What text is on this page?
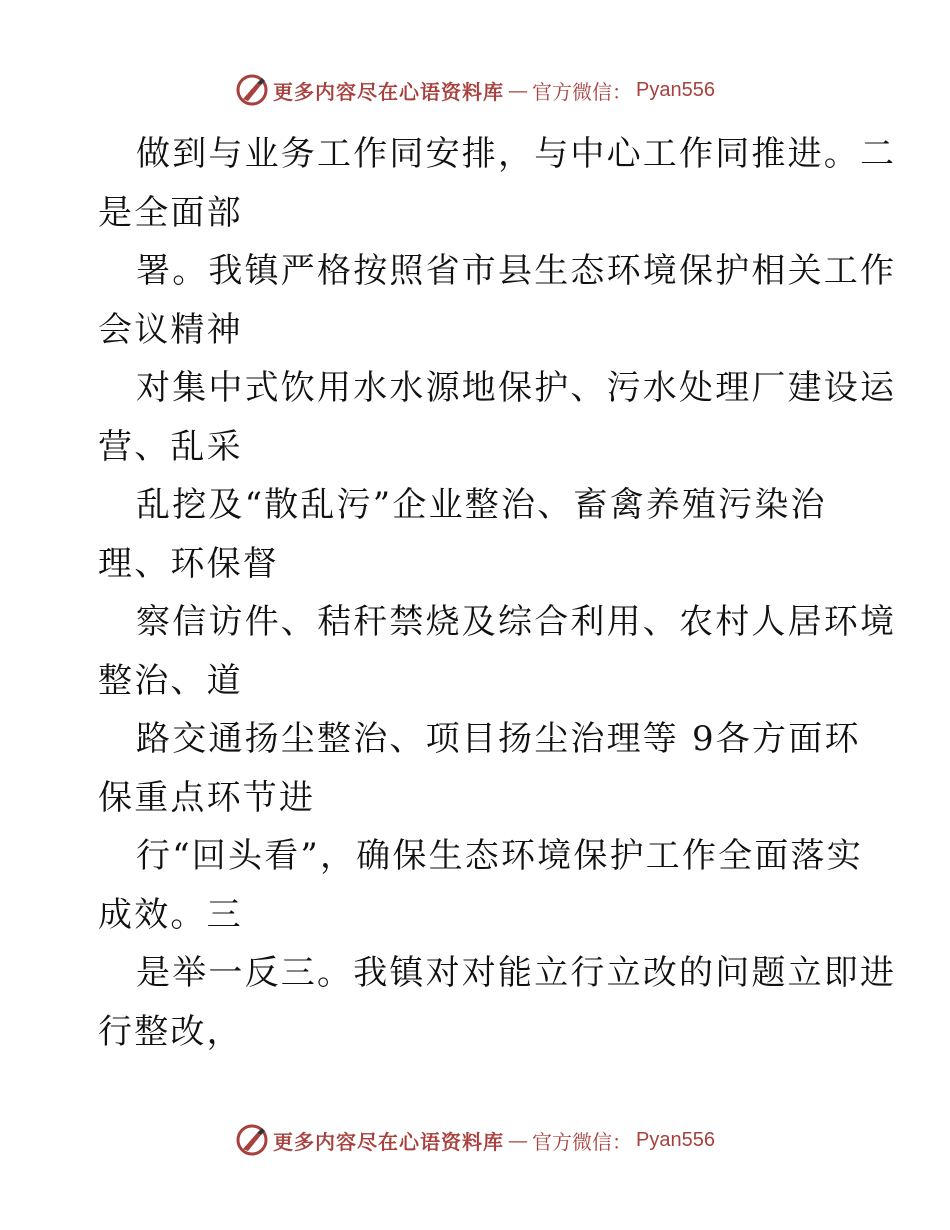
更多内容尽在心语资料库 — 官方微信： Pyan556
做到与业务工作同安排，与中心工作同推进。二
是全面部
署。我镇严格按照省市县生态环境保护相关工作
会议精神
对集中式饮用水水源地保护、污水处理厂建设运
营、乱采
乱挖及“散乱污”企业整治、畜禽养殖污染治
理、环保督
察信访件、秸秆禁烧及综合利用、农村人居环境
整治、道
路交通扬尘整治、项目扬尘治理等 9各方面环
保重点环节进
行“回头看”，确保生态环境保护工作全面落实
成效。三
是举一反三。我镇对对能立行立改的问题立即进
行整改，
更多内容尽在心语资料库 — 官方微信： Pyan556
